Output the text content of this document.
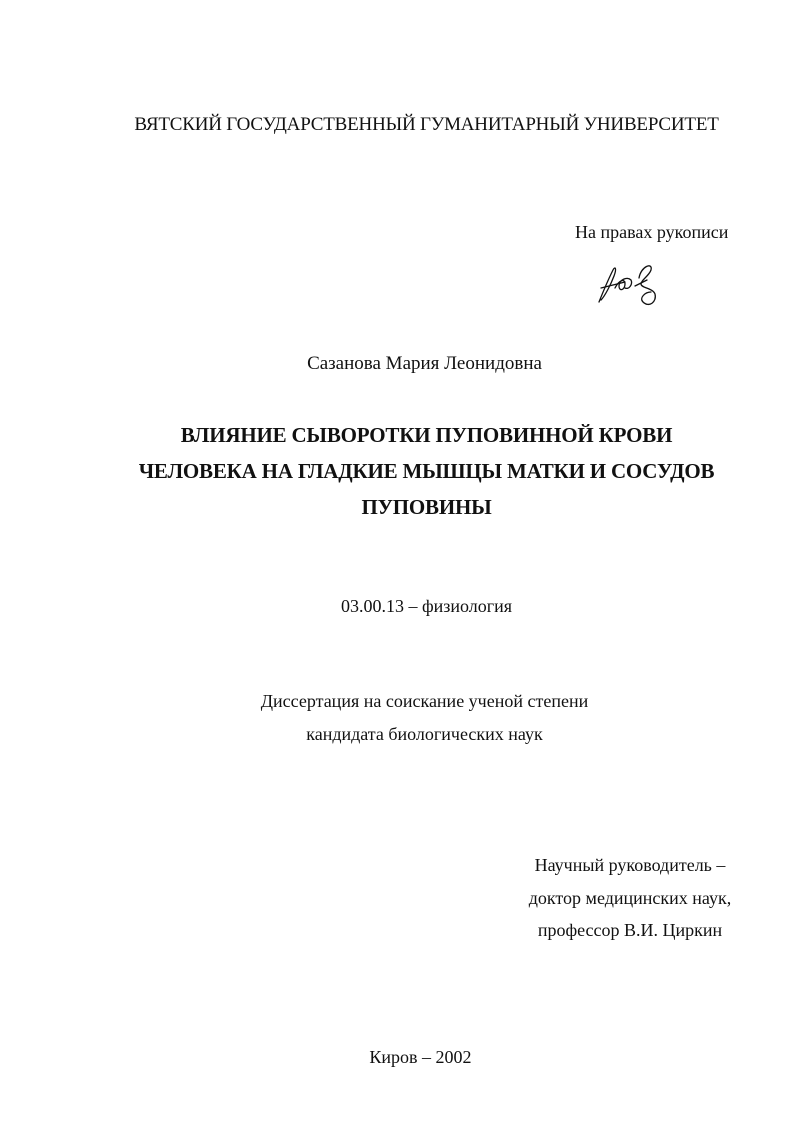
ВЯТСКИЙ ГОСУДАРСТВЕННЫЙ ГУМАНИТАРНЫЙ УНИВЕРСИТЕТ
На правах рукописи
Сазанова Мария Леонидовна
ВЛИЯНИЕ СЫВОРОТКИ ПУПОВИННОЙ КРОВИ
ЧЕЛОВЕКА НА ГЛАДКИЕ МЫШЦЫ МАТКИ И СОСУДОВ
ПУПОВИНЫ
03.00.13 – физиология
Диссертация на соискание ученой степени
кандидата биологических наук
Научный руководитель –
доктор медицинских наук,
профессор В.И. Циркин
Киров – 2002
